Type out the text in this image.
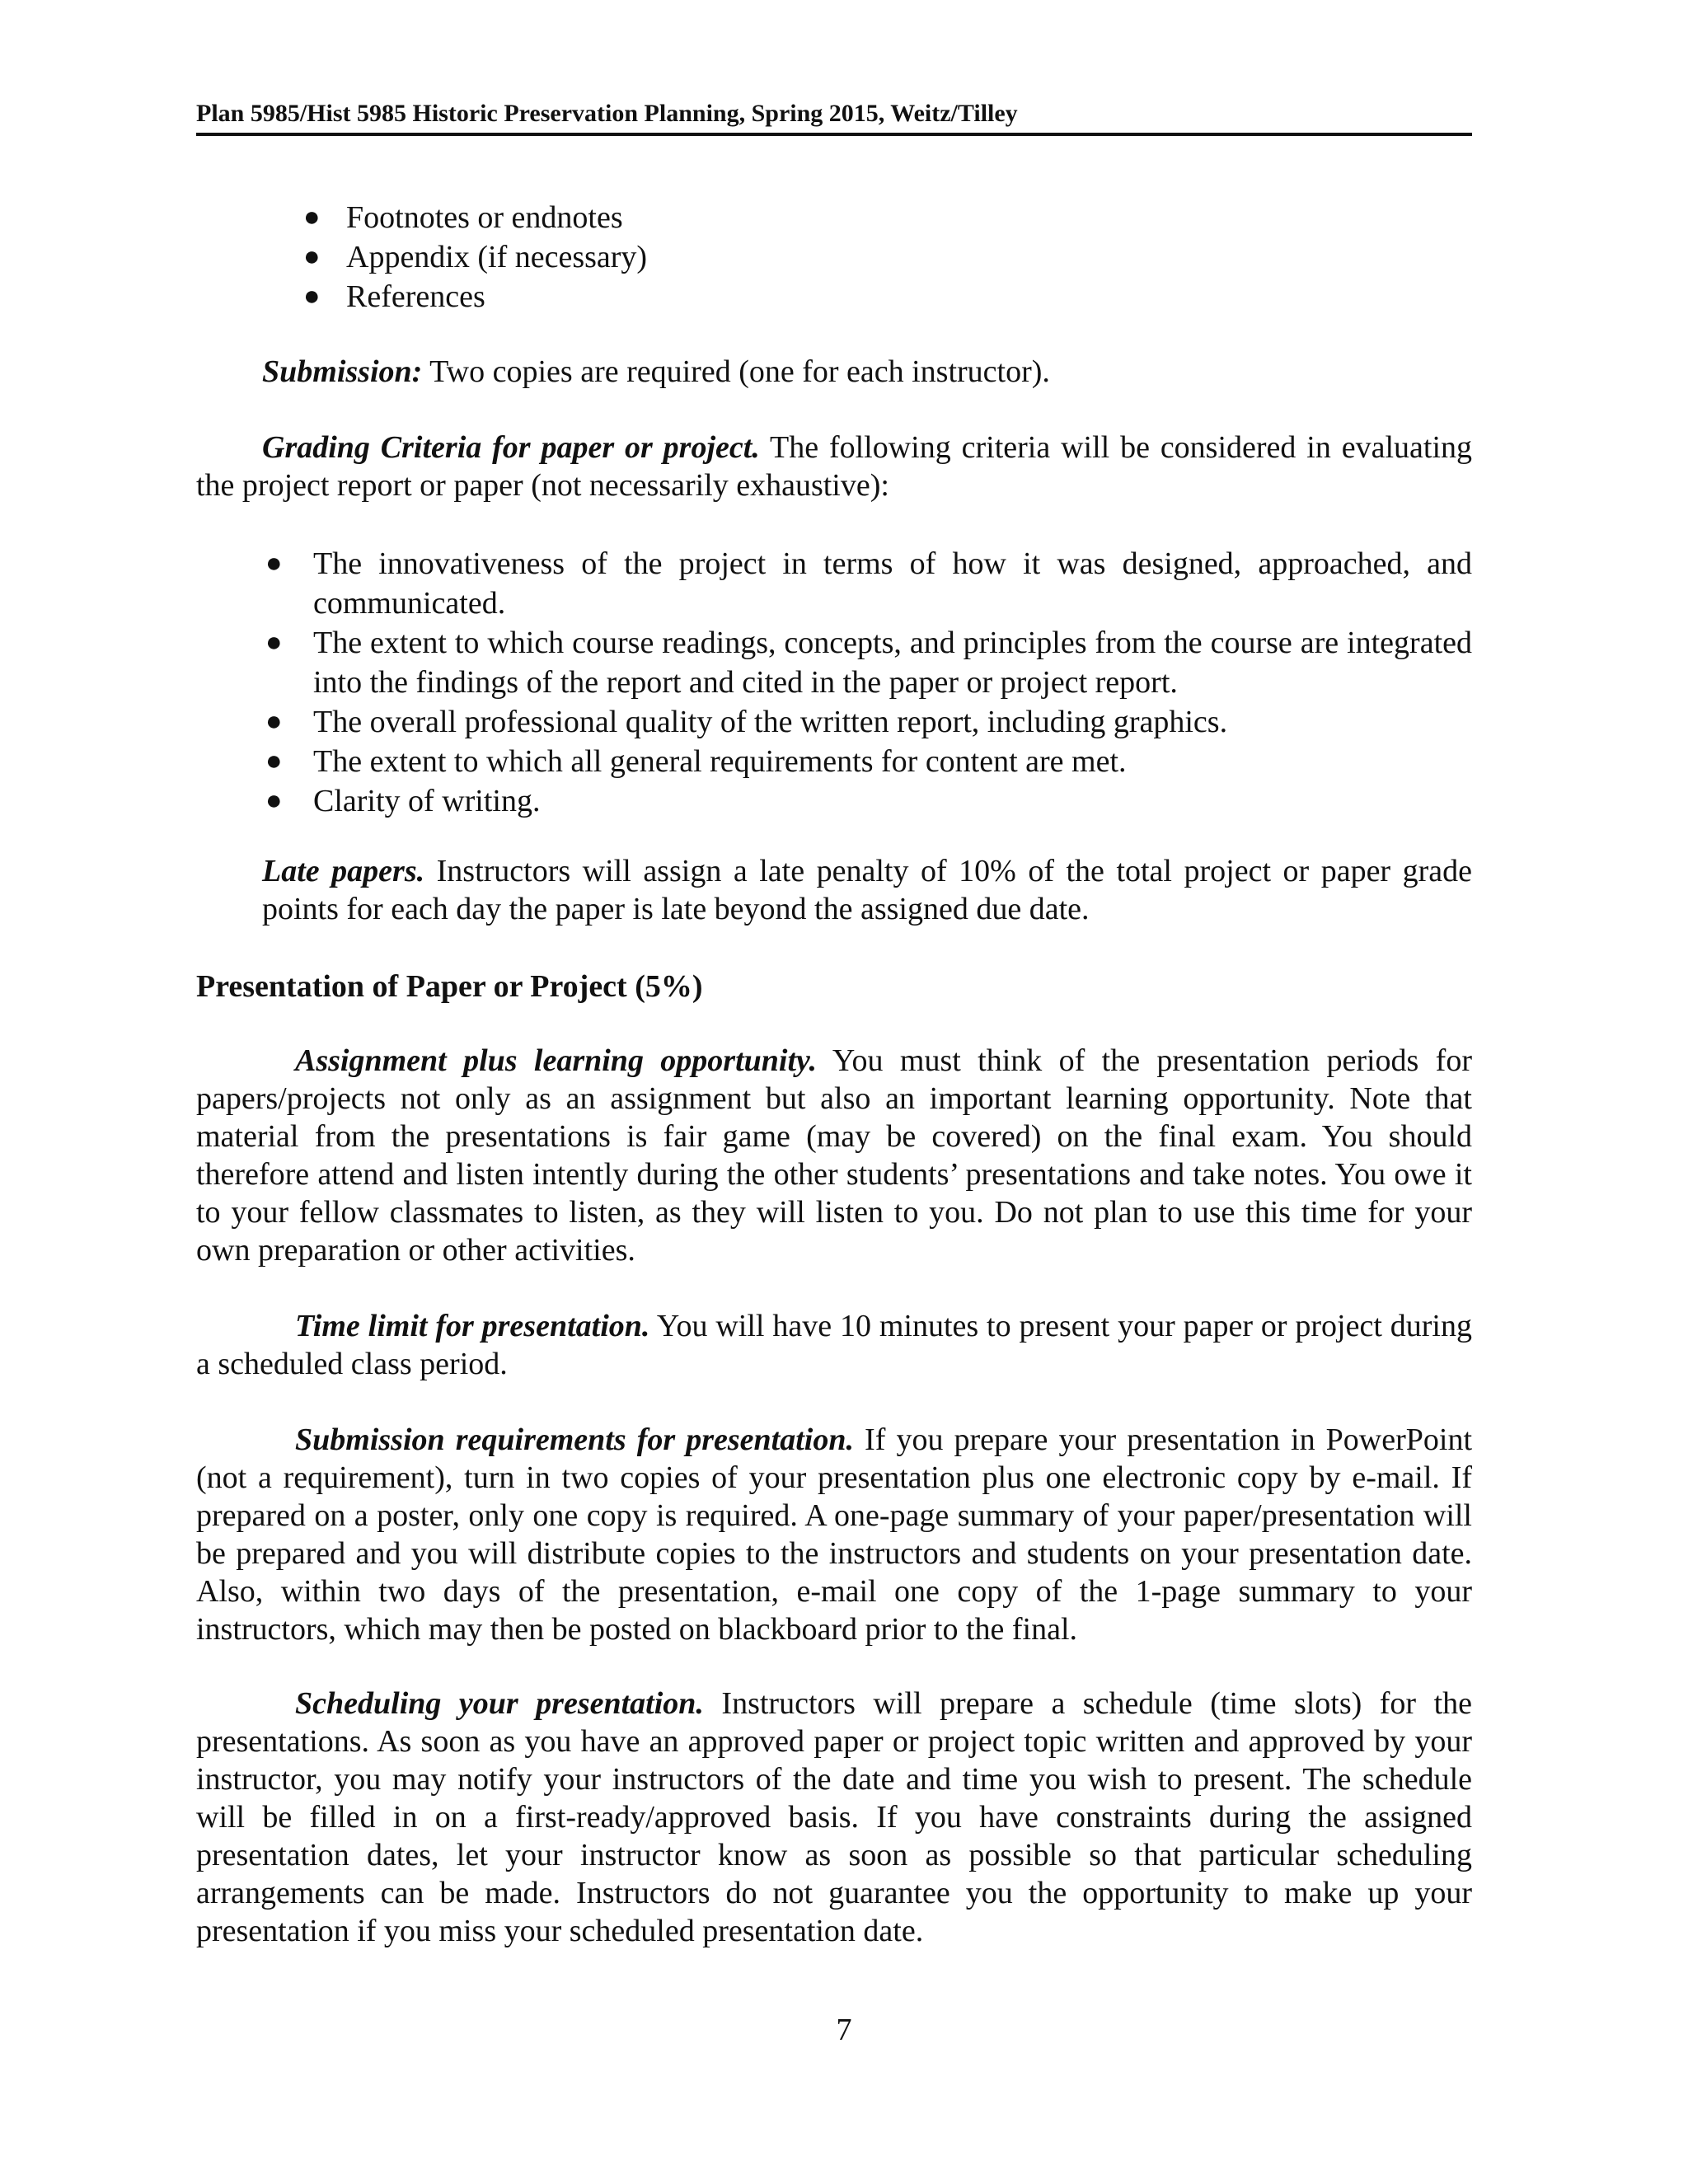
Plan 5985/Hist 5985 Historic Preservation Planning, Spring 2015, Weitz/Tilley
● Footnotes or endnotes
● Appendix (if necessary)
● References

Submission: Two copies are required (one for each instructor).

Grading Criteria for paper or project. The following criteria will be considered in evaluating the project report or paper (not necessarily exhaustive):

● The innovativeness of the project in terms of how it was designed, approached, and communicated.
● The extent to which course readings, concepts, and principles from the course are integrated into the findings of the report and cited in the paper or project report.
● The overall professional quality of the written report, including graphics.
● The extent to which all general requirements for content are met.
● Clarity of writing.

Late papers. Instructors will assign a late penalty of 10% of the total project or paper grade points for each day the paper is late beyond the assigned due date.

Presentation of Paper or Project (5%)

Assignment plus learning opportunity. You must think of the presentation periods for papers/projects not only as an assignment but also an important learning opportunity. Note that material from the presentations is fair game (may be covered) on the final exam. You should therefore attend and listen intently during the other students’ presentations and take notes. You owe it to your fellow classmates to listen, as they will listen to you. Do not plan to use this time for your own preparation or other activities.

Time limit for presentation. You will have 10 minutes to present your paper or project during a scheduled class period.

Submission requirements for presentation. If you prepare your presentation in PowerPoint (not a requirement), turn in two copies of your presentation plus one electronic copy by e-mail. If prepared on a poster, only one copy is required. A one-page summary of your paper/presentation will be prepared and you will distribute copies to the instructors and students on your presentation date. Also, within two days of the presentation, e-mail one copy of the 1-page summary to your instructors, which may then be posted on blackboard prior to the final.

Scheduling your presentation. Instructors will prepare a schedule (time slots) for the presentations. As soon as you have an approved paper or project topic written and approved by your instructor, you may notify your instructors of the date and time you wish to present. The schedule will be filled in on a first-ready/approved basis. If you have constraints during the assigned presentation dates, let your instructor know as soon as possible so that particular scheduling arrangements can be made. Instructors do not guarantee you the opportunity to make up your presentation if you miss your scheduled presentation date.

7
